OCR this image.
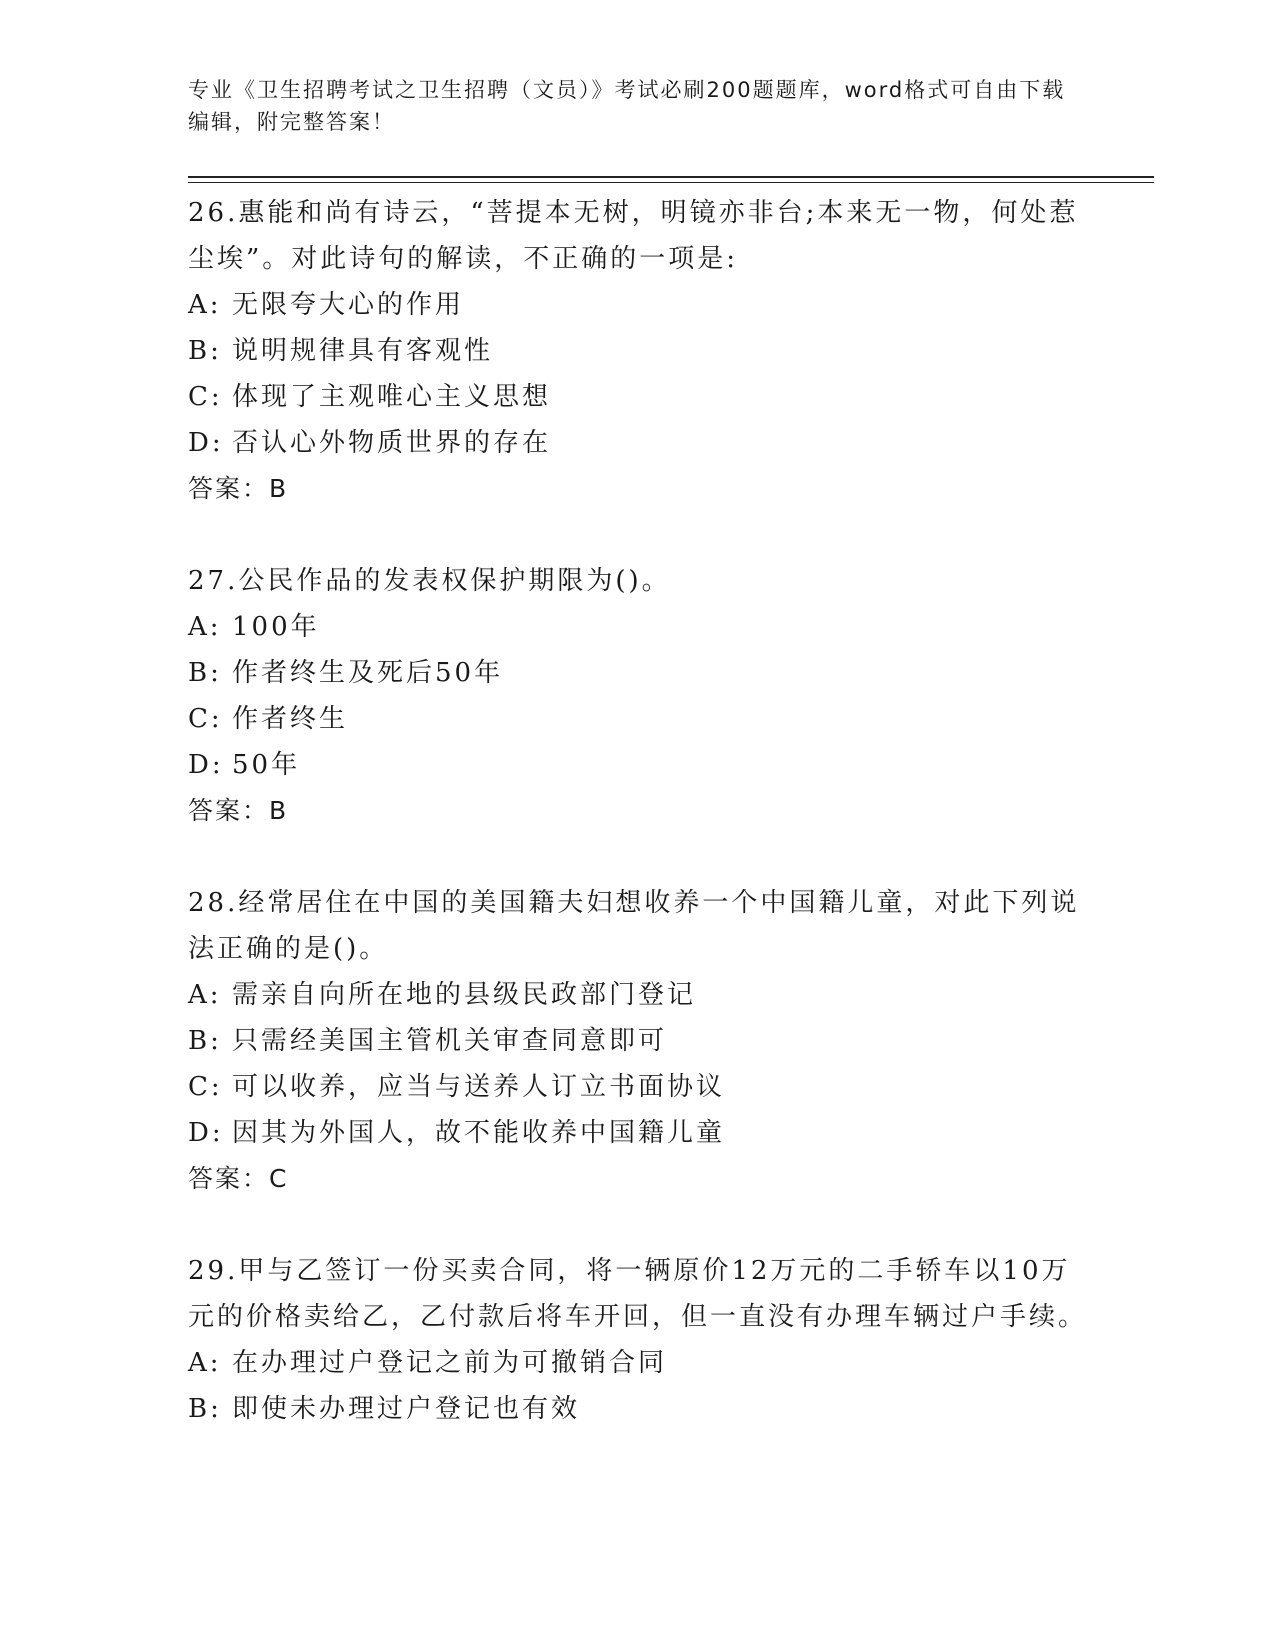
专业《卫生招聘考试之卫生招聘（文员）》考试必刷200题题库，word格式可自由下载编辑，附完整答案！
26.惠能和尚有诗云，“菩提本无树，明镜亦非台;本来无一物，何处惹尘埃”。对此诗句的解读，不正确的一项是:
A: 无限夸大心的作用
B: 说明规律具有客观性
C: 体现了主观唯心主义思想
D: 否认心外物质世界的存在
答案：B
27.公民作品的发表权保护期限为()。
A: 100年
B: 作者终生及死后50年
C: 作者终生
D: 50年
答案：B
28.经常居住在中国的美国籍夫妇想收养一个中国籍儿童，对此下列说法正确的是()。
A: 需亲自向所在地的县级民政部门登记
B: 只需经美国主管机关审查同意即可
C: 可以收养，应当与送养人订立书面协议
D: 因其为外国人，故不能收养中国籍儿童
答案：C
29.甲与乙签订一份买卖合同，将一辆原价12万元的二手轿车以10万元的价格卖给乙，乙付款后将车开回，但一直没有办理车辆过户手续。
A: 在办理过户登记之前为可撤销合同
B: 即使未办理过户登记也有效
